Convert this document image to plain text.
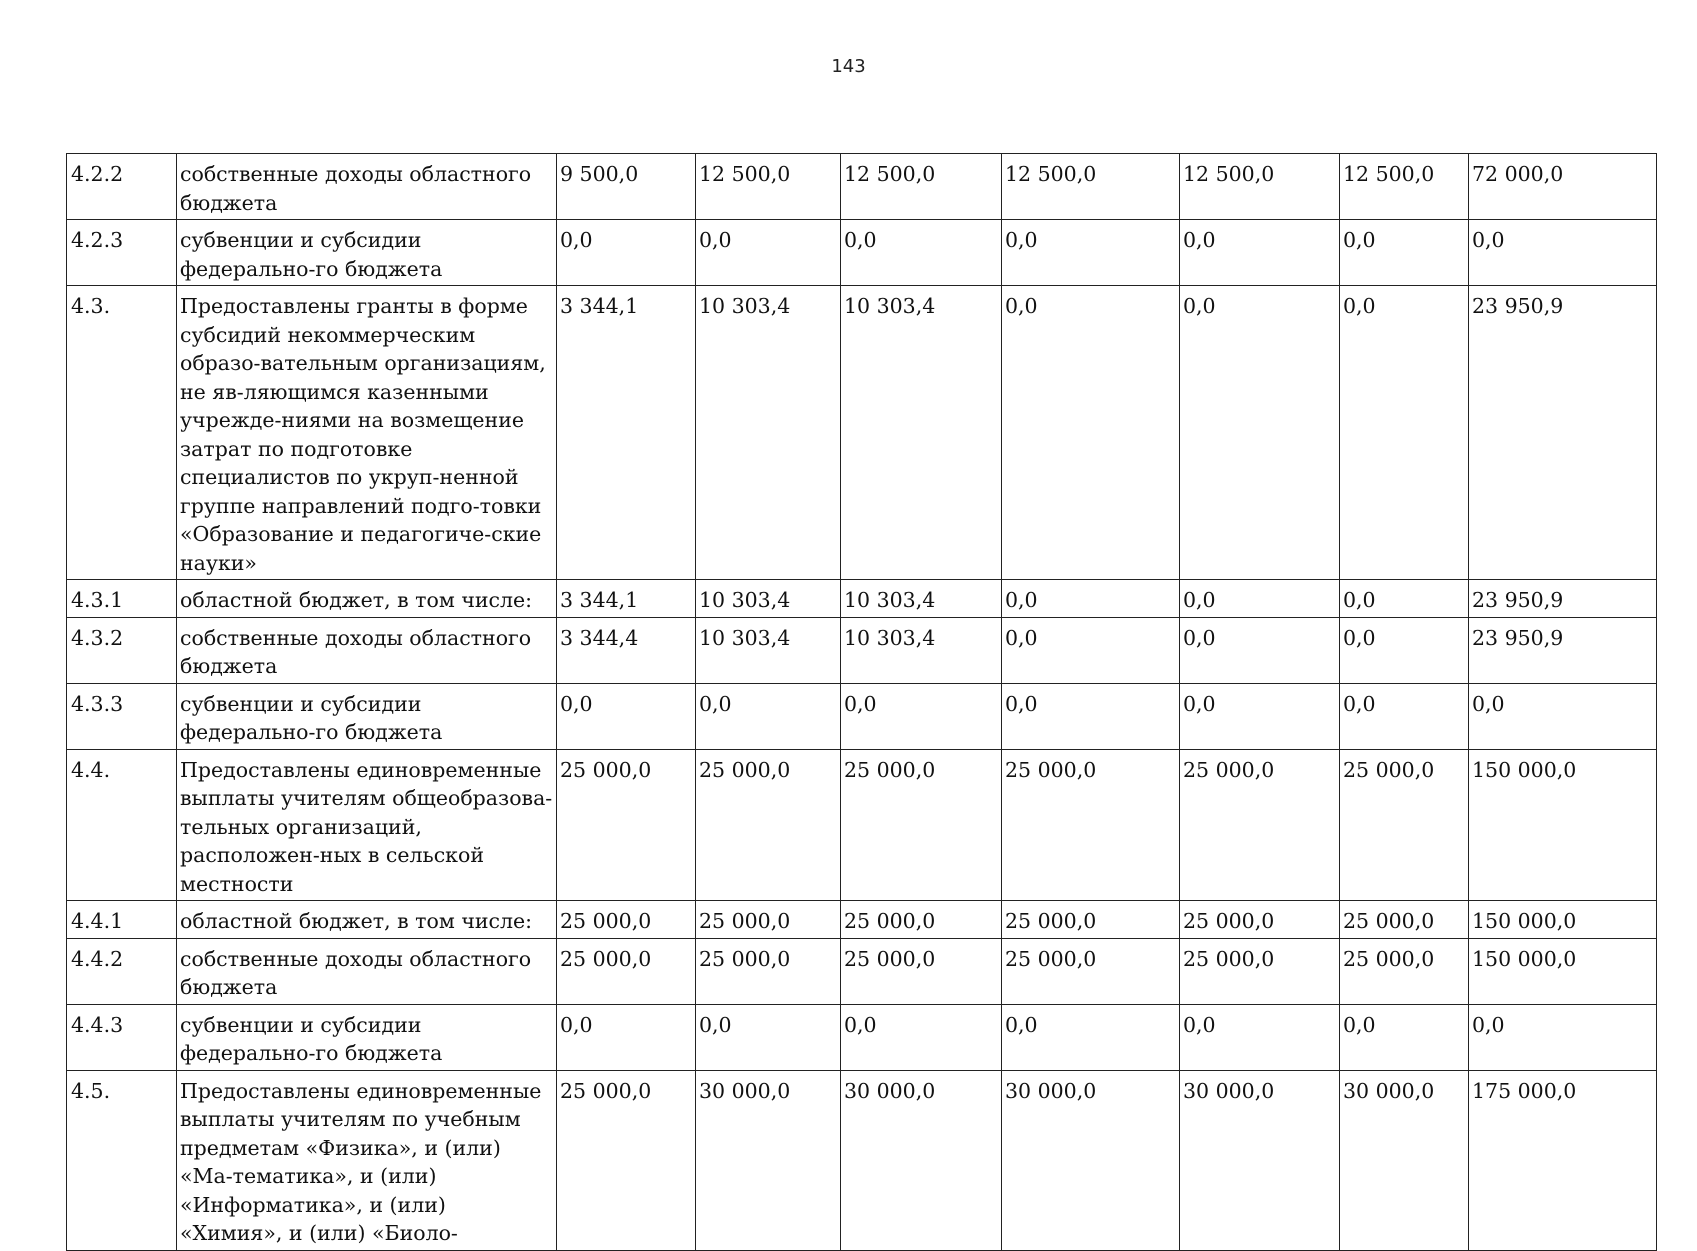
143
4.2.2	собственные доходы областного бюджета	9 500,0	12 500,0	12 500,0	12 500,0	12 500,0	12 500,0	72 000,0
4.2.3	субвенции и субсидии федерально-го бюджета	0,0	0,0	0,0	0,0	0,0	0,0	0,0
4.3.	Предоставлены гранты в форме субсидий некоммерческим образо-вательным организациям, не яв-ляющимся казенными учрежде-ниями на возмещение затрат по подготовке специалистов по укруп-ненной группе направлений подго-товки «Образование и педагогиче-ские науки»	3 344,1	10 303,4	10 303,4	0,0	0,0	0,0	23 950,9
4.3.1	областной бюджет, в том числе:	3 344,1	10 303,4	10 303,4	0,0	0,0	0,0	23 950,9
4.3.2	собственные доходы областного бюджета	3 344,4	10 303,4	10 303,4	0,0	0,0	0,0	23 950,9
4.3.3	субвенции и субсидии федерально-го бюджета	0,0	0,0	0,0	0,0	0,0	0,0	0,0
4.4.	Предоставлены единовременные выплаты учителям общеобразова-тельных организаций, расположен-ных в сельской местности	25 000,0	25 000,0	25 000,0	25 000,0	25 000,0	25 000,0	150 000,0
4.4.1	областной бюджет, в том числе:	25 000,0	25 000,0	25 000,0	25 000,0	25 000,0	25 000,0	150 000,0
4.4.2	собственные доходы областного бюджета	25 000,0	25 000,0	25 000,0	25 000,0	25 000,0	25 000,0	150 000,0
4.4.3	субвенции и субсидии федерально-го бюджета	0,0	0,0	0,0	0,0	0,0	0,0	0,0
4.5.	Предоставлены единовременные выплаты учителям по учебным предметам «Физика», и (или) «Ма-тематика», и (или) «Информатика», и (или) «Химия», и (или) «Биоло-	25 000,0	30 000,0	30 000,0	30 000,0	30 000,0	30 000,0	175 000,0
